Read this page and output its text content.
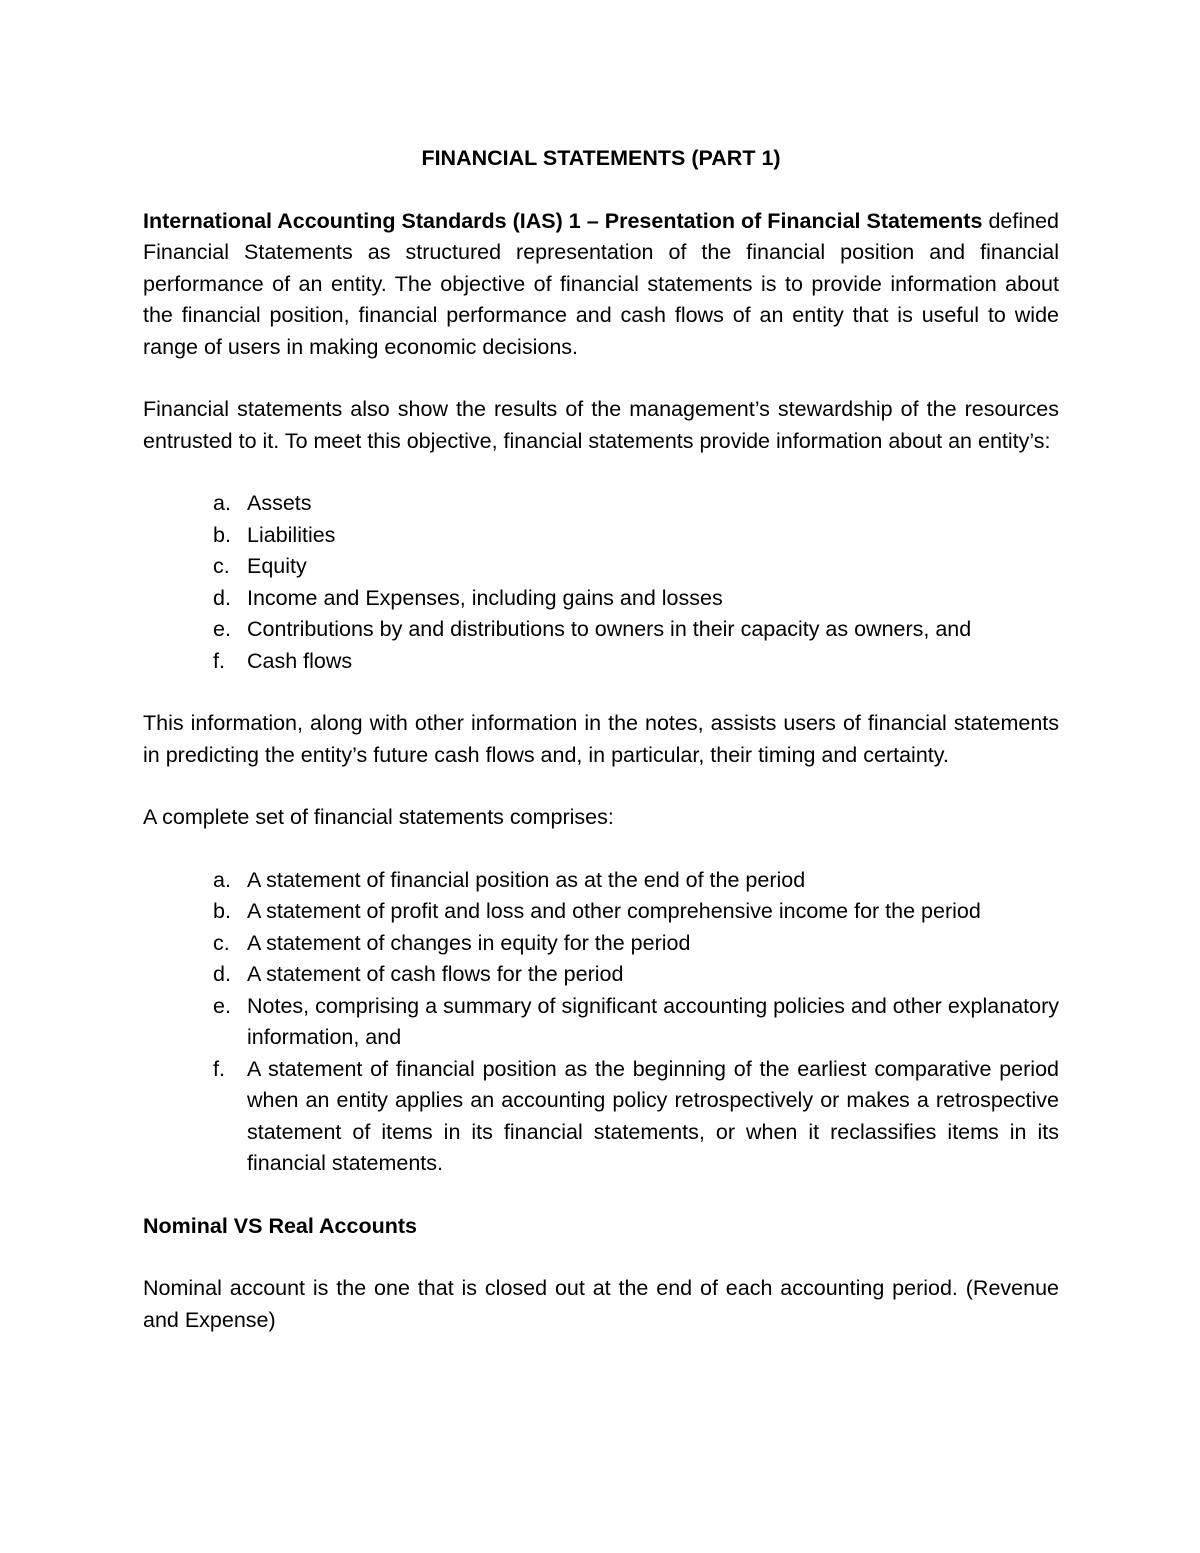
FINANCIAL STATEMENTS (PART 1)

International Accounting Standards (IAS) 1 – Presentation of Financial Statements defined Financial Statements as structured representation of the financial position and financial performance of an entity. The objective of financial statements is to provide information about the financial position, financial performance and cash flows of an entity that is useful to wide range of users in making economic decisions.

Financial statements also show the results of the management’s stewardship of the resources entrusted to it. To meet this objective, financial statements provide information about an entity’s:

a. Assets
b. Liabilities
c. Equity
d. Income and Expenses, including gains and losses
e. Contributions by and distributions to owners in their capacity as owners, and
f. Cash flows

This information, along with other information in the notes, assists users of financial statements in predicting the entity’s future cash flows and, in particular, their timing and certainty.

A complete set of financial statements comprises:

a. A statement of financial position as at the end of the period
b. A statement of profit and loss and other comprehensive income for the period
c. A statement of changes in equity for the period
d. A statement of cash flows for the period
e. Notes, comprising a summary of significant accounting policies and other explanatory information, and
f. A statement of financial position as the beginning of the earliest comparative period when an entity applies an accounting policy retrospectively or makes a retrospective statement of items in its financial statements, or when it reclassifies items in its financial statements.
Nominal VS Real Accounts

Nominal account is the one that is closed out at the end of each accounting period. (Revenue and Expense)
